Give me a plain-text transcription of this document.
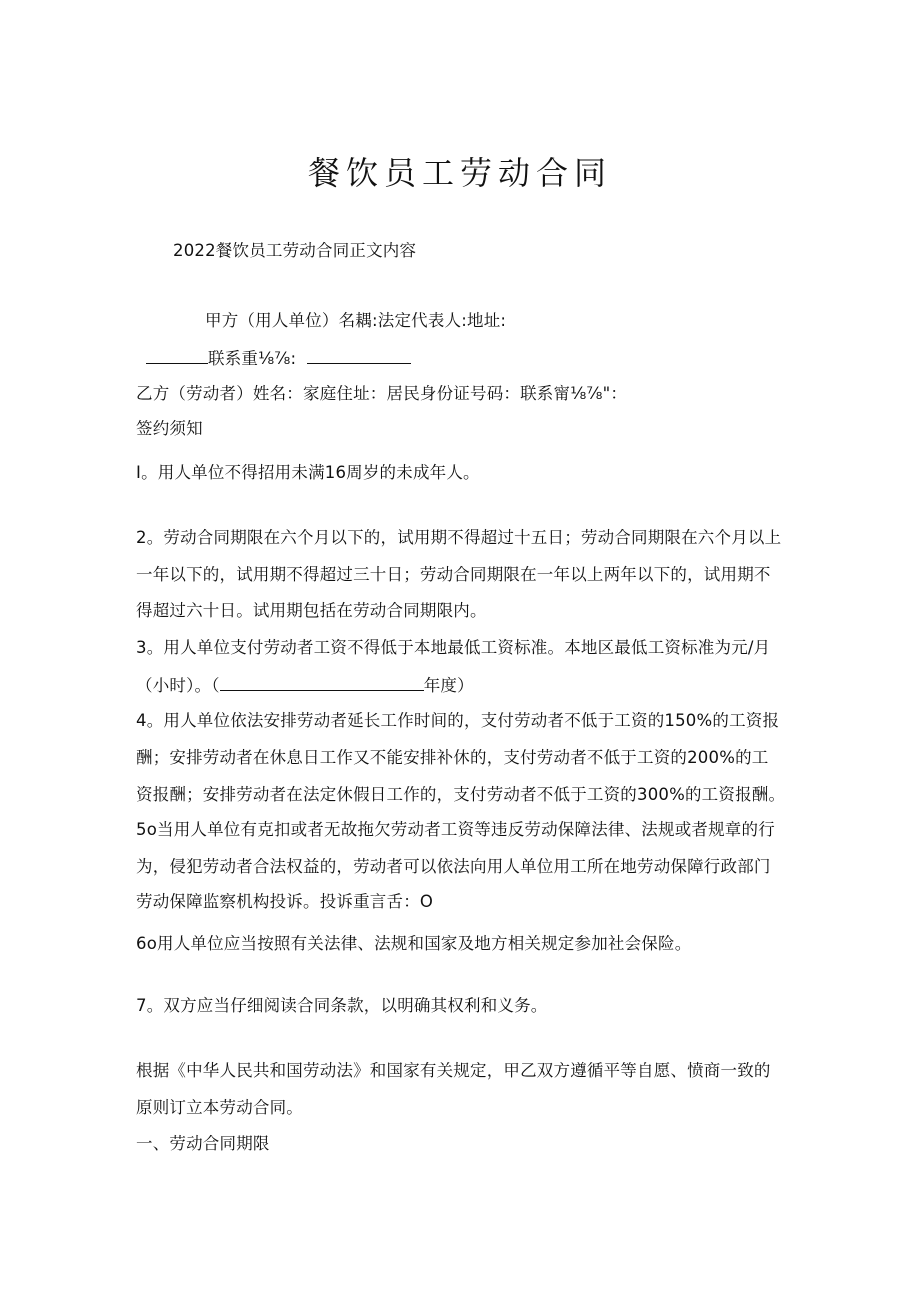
餐饮员工劳动合同
2022餐饮员工劳动合同正文内容
甲方（用人单位）名耦:法定代表人:地址:
联系重⅛⅞:
乙方（劳动者）姓名：家庭住址：居民身份证号码：联系甯⅛⅞"：
签约须知
I。用人单位不得招用未满16周岁的未成年人。
2。劳动合同期限在六个月以下的，试用期不得超过十五日；劳动合同期限在六个月以上
一年以下的，试用期不得超过三十日；劳动合同期限在一年以上两年以下的，试用期不
得超过六十日。试用期包括在劳动合同期限内。
3。用人单位支付劳动者工资不得低于本地最低工资标准。本地区最低工资标准为元/月
（小时）。（	年度）
4。用人单位依法安排劳动者延长工作时间的，支付劳动者不低于工资的150%的工资报
酬；安排劳动者在休息日工作又不能安排补休的，支付劳动者不低于工资的200%的工
资报酬；安排劳动者在法定休假日工作的，支付劳动者不低于工资的300%的工资报酬。
5o当用人单位有克扣或者无故拖欠劳动者工资等违反劳动保障法律、法规或者规章的行
为，侵犯劳动者合法权益的，劳动者可以依法向用人单位用工所在地劳动保障行政部门
劳动保障监察机构投诉。投诉重言舌：O
6o用人单位应当按照有关法律、法规和国家及地方相关规定参加社会保险。
7。双方应当仔细阅读合同条款，以明确其权利和义务。
根据《中华人民共和国劳动法》和国家有关规定，甲乙双方遵循平等自愿、愤商一致的
原则订立本劳动合同。
一、劳动合同期限
